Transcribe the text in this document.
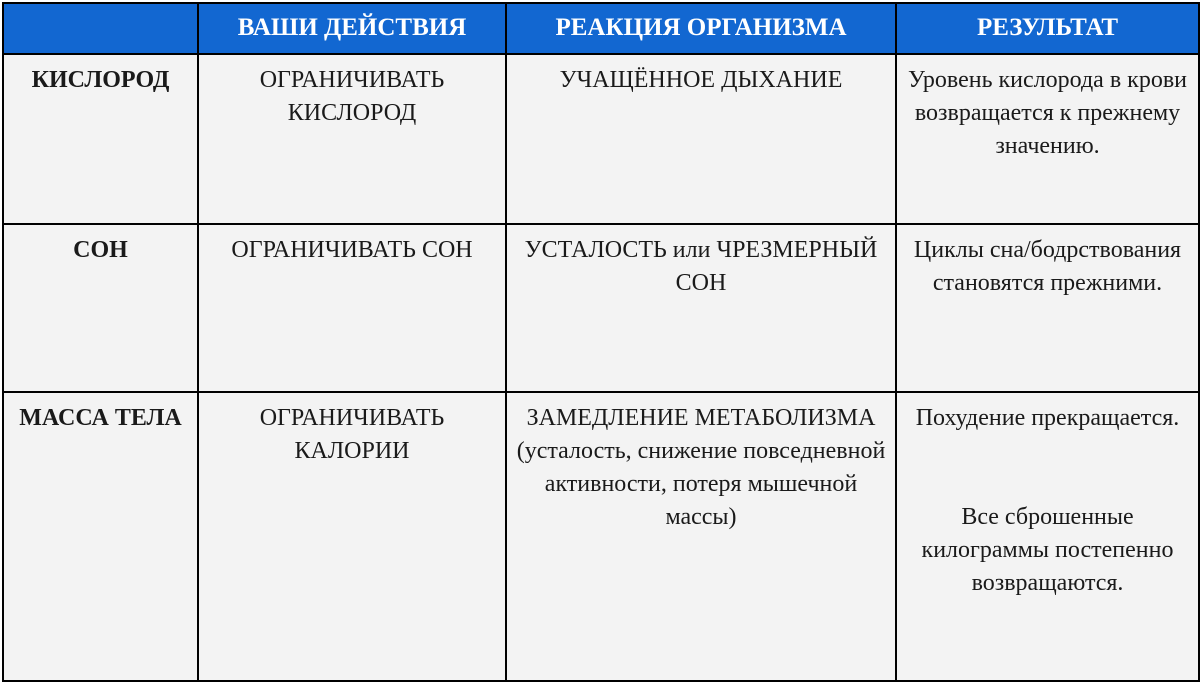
	ВАШИ ДЕЙСТВИЯ	РЕАКЦИЯ ОРГАНИЗМА	РЕЗУЛЬТАТ
КИСЛОРОД	ОГРАНИЧИВАТЬ КИСЛОРОД	УЧАЩЁННОЕ ДЫХАНИЕ	Уровень кислорода в крови возвращается к прежнему значению.
СОН	ОГРАНИЧИВАТЬ СОН	УСТАЛОСТЬ или ЧРЕЗМЕРНЫЙ СОН	Циклы сна/бодрствования становятся прежними.
МАССА ТЕЛА	ОГРАНИЧИВАТЬ КАЛОРИИ	ЗАМЕДЛЕНИЕ МЕТАБОЛИЗМА (усталость, снижение повседневной активности, потеря мышечной массы)	Похудение прекращается.
Все сброшенные килограммы постепенно возвращаются.
